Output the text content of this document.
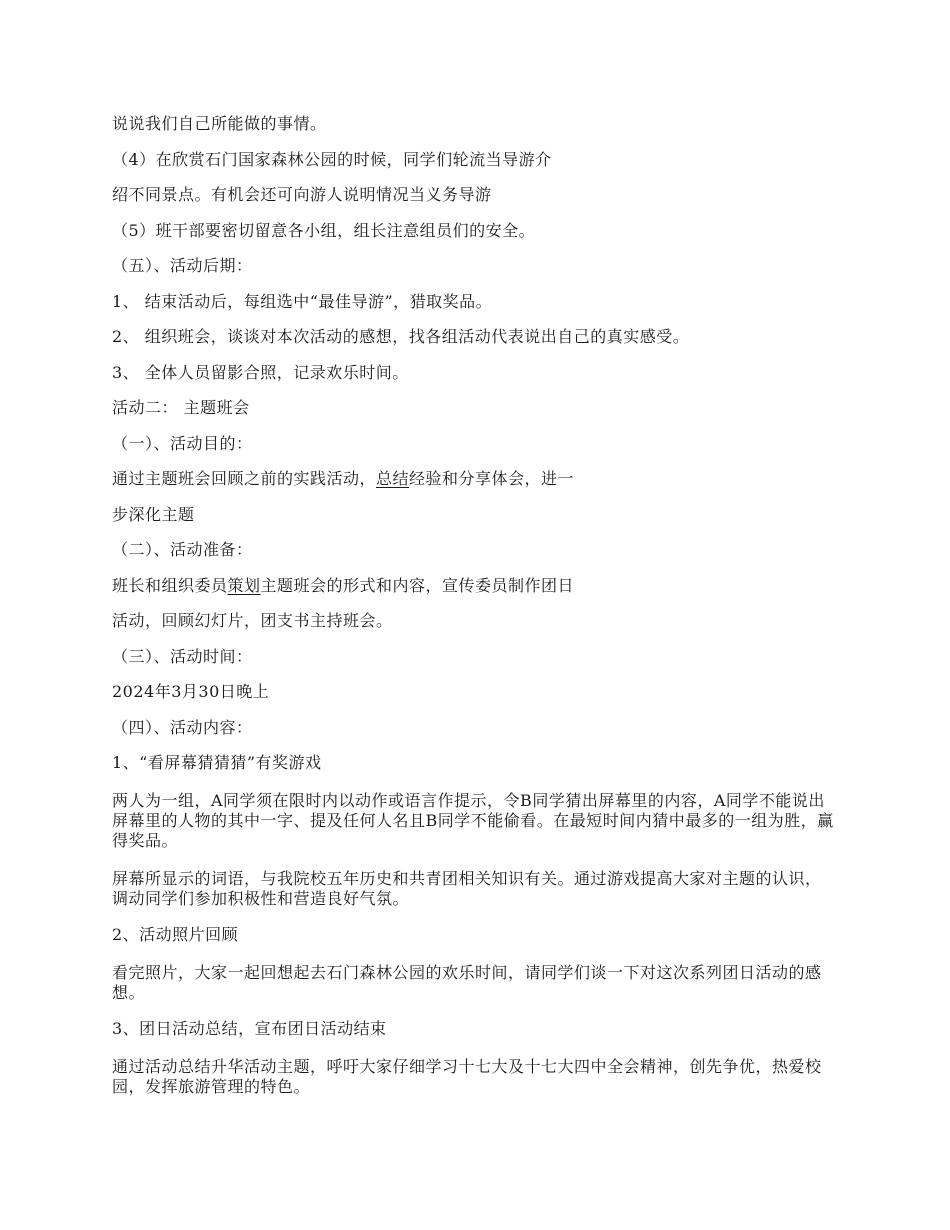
说说我们自己所能做的事情。
（4）在欣赏石门国家森林公园的时候，同学们轮流当导游介
绍不同景点。有机会还可向游人说明情况当义务导游
（5）班干部要密切留意各小组，组长注意组员们的安全。
（五）、活动后期：
1、 结束活动后，每组选中“最佳导游”，猎取奖品。
2、 组织班会，谈谈对本次活动的感想，找各组活动代表说出自己的真实感受。
3、 全体人员留影合照，记录欢乐时间。
活动二： 主题班会
（一）、活动目的：
通过主题班会回顾之前的实践活动，总结经验和分享体会，进一
步深化主题
（二）、活动准备：
班长和组织委员策划主题班会的形式和内容，宣传委员制作团日
活动，回顾幻灯片，团支书主持班会。
（三）、活动时间：
2024年3月30日晚上
（四）、活动内容：
1、“看屏幕猜猜猜”有奖游戏
两人为一组，A同学须在限时内以动作或语言作提示，令B同学猜出屏幕里的内容，A同学不能说出屏幕里的人物的其中一字、提及任何人名且B同学不能偷看。在最短时间内猜中最多的一组为胜，赢得奖品。
屏幕所显示的词语，与我院校五年历史和共青团相关知识有关。通过游戏提高大家对主题的认识，调动同学们参加积极性和营造良好气氛。
2、活动照片回顾
看完照片，大家一起回想起去石门森林公园的欢乐时间，请同学们谈一下对这次系列团日活动的感想。
3、团日活动总结，宣布团日活动结束
通过活动总结升华活动主题，呼吁大家仔细学习十七大及十七大四中全会精神，创先争优，热爱校园，发挥旅游管理的特色。
